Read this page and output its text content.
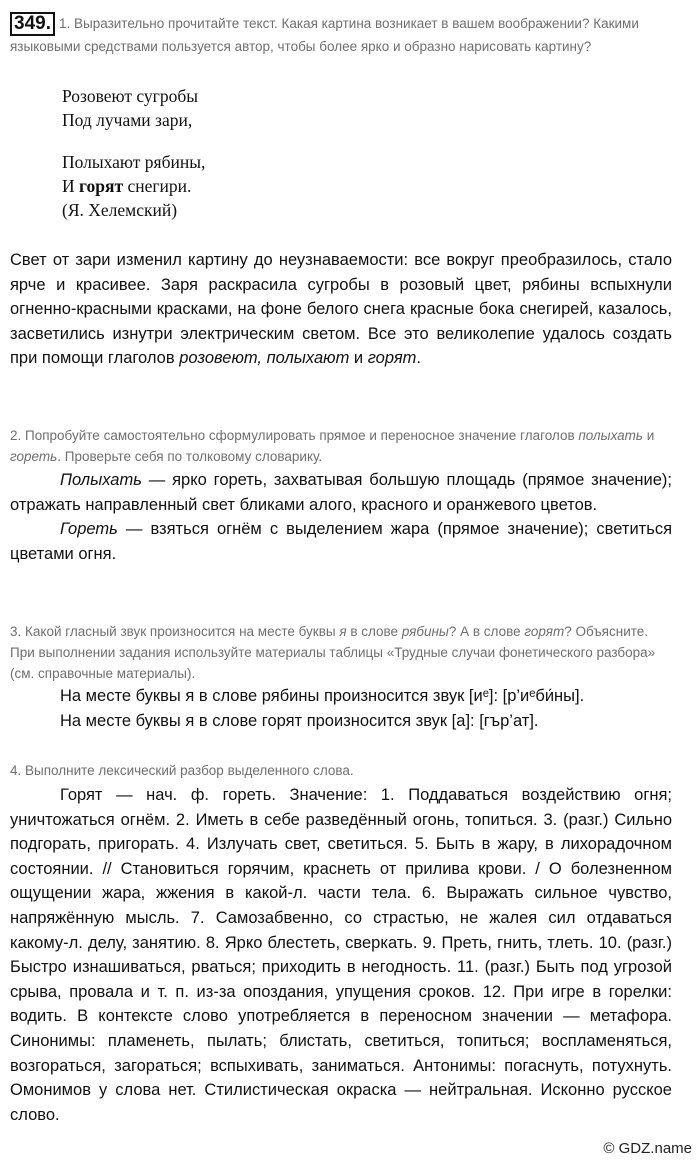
349. 1. Выразительно прочитайте текст. Какая картина возникает в вашем воображении? Какими языковыми средствами пользуется автор, чтобы более ярко и образно нарисовать картину?
Розовеют сугробы
Под лучами зари,
Полыхают рябины,
И горят снегири.
(Я. Хелемский)
Свет от зари изменил картину до неузнаваемости: все вокруг преобразилось, стало ярче и красивее. Заря раскрасила сугробы в розовый цвет, рябины вспыхнули огненно-красными красками, на фоне белого снега красные бока снегирей, казалось, засветились изнутри электрическим светом. Все это великолепие удалось создать при помощи глаголов розовеют, полыхают и горят.
2. Попробуйте самостоятельно сформулировать прямое и переносное значение глаголов полыхать и гореть. Проверьте себя по толковому словарику.
Полыхать — ярко гореть, захватывая большую площадь (прямое значение); отражать направленный свет бликами алого, красного и оранжевого цветов.
Гореть — взяться огнём с выделением жара (прямое значение); светиться цветами огня.
3. Какой гласный звук произносится на месте буквы я в слове рябины? А в слове горят? Объясните. При выполнении задания используйте материалы таблицы «Трудные случаи фонетического разбора» (см. справочные материалы).
На месте буквы я в слове рябины произносится звук [иᵉ]: [р’иᵉби́ны].
На месте буквы я в слове горят произносится звук [а]: [гър’ат].
4. Выполните лексический разбор выделенного слова.
Горят — нач. ф. гореть. Значение: 1. Поддаваться воздействию огня; уничтожаться огнём. 2. Иметь в себе разведённый огонь, топиться. 3. (разг.) Сильно подгорать, пригорать. 4. Излучать свет, светиться. 5. Быть в жару, в лихорадочном состоянии. // Становиться горячим, краснеть от прилива крови. / О болезненном ощущении жара, жжения в какой-л. части тела. 6. Выражать сильное чувство, напряжённую мысль. 7. Самозабвенно, со страстью, не жалея сил отдаваться какому-л. делу, занятию. 8. Ярко блестеть, сверкать. 9. Преть, гнить, тлеть. 10. (разг.) Быстро изнашиваться, рваться; приходить в негодность. 11. (разг.) Быть под угрозой срыва, провала и т. п. из-за опоздания, упущения сроков. 12. При игре в горелки: водить. В контексте слово употребляется в переносном значении — метафора. Синонимы: пламенеть, пылать; блистать, светиться, топиться; воспламеняться, возгораться, загораться; вспыхивать, заниматься. Антонимы: погаснуть, потухнуть. Омонимов у слова нет. Стилистическая окраска — нейтральная. Исконно русское слово.
© GDZ.name
